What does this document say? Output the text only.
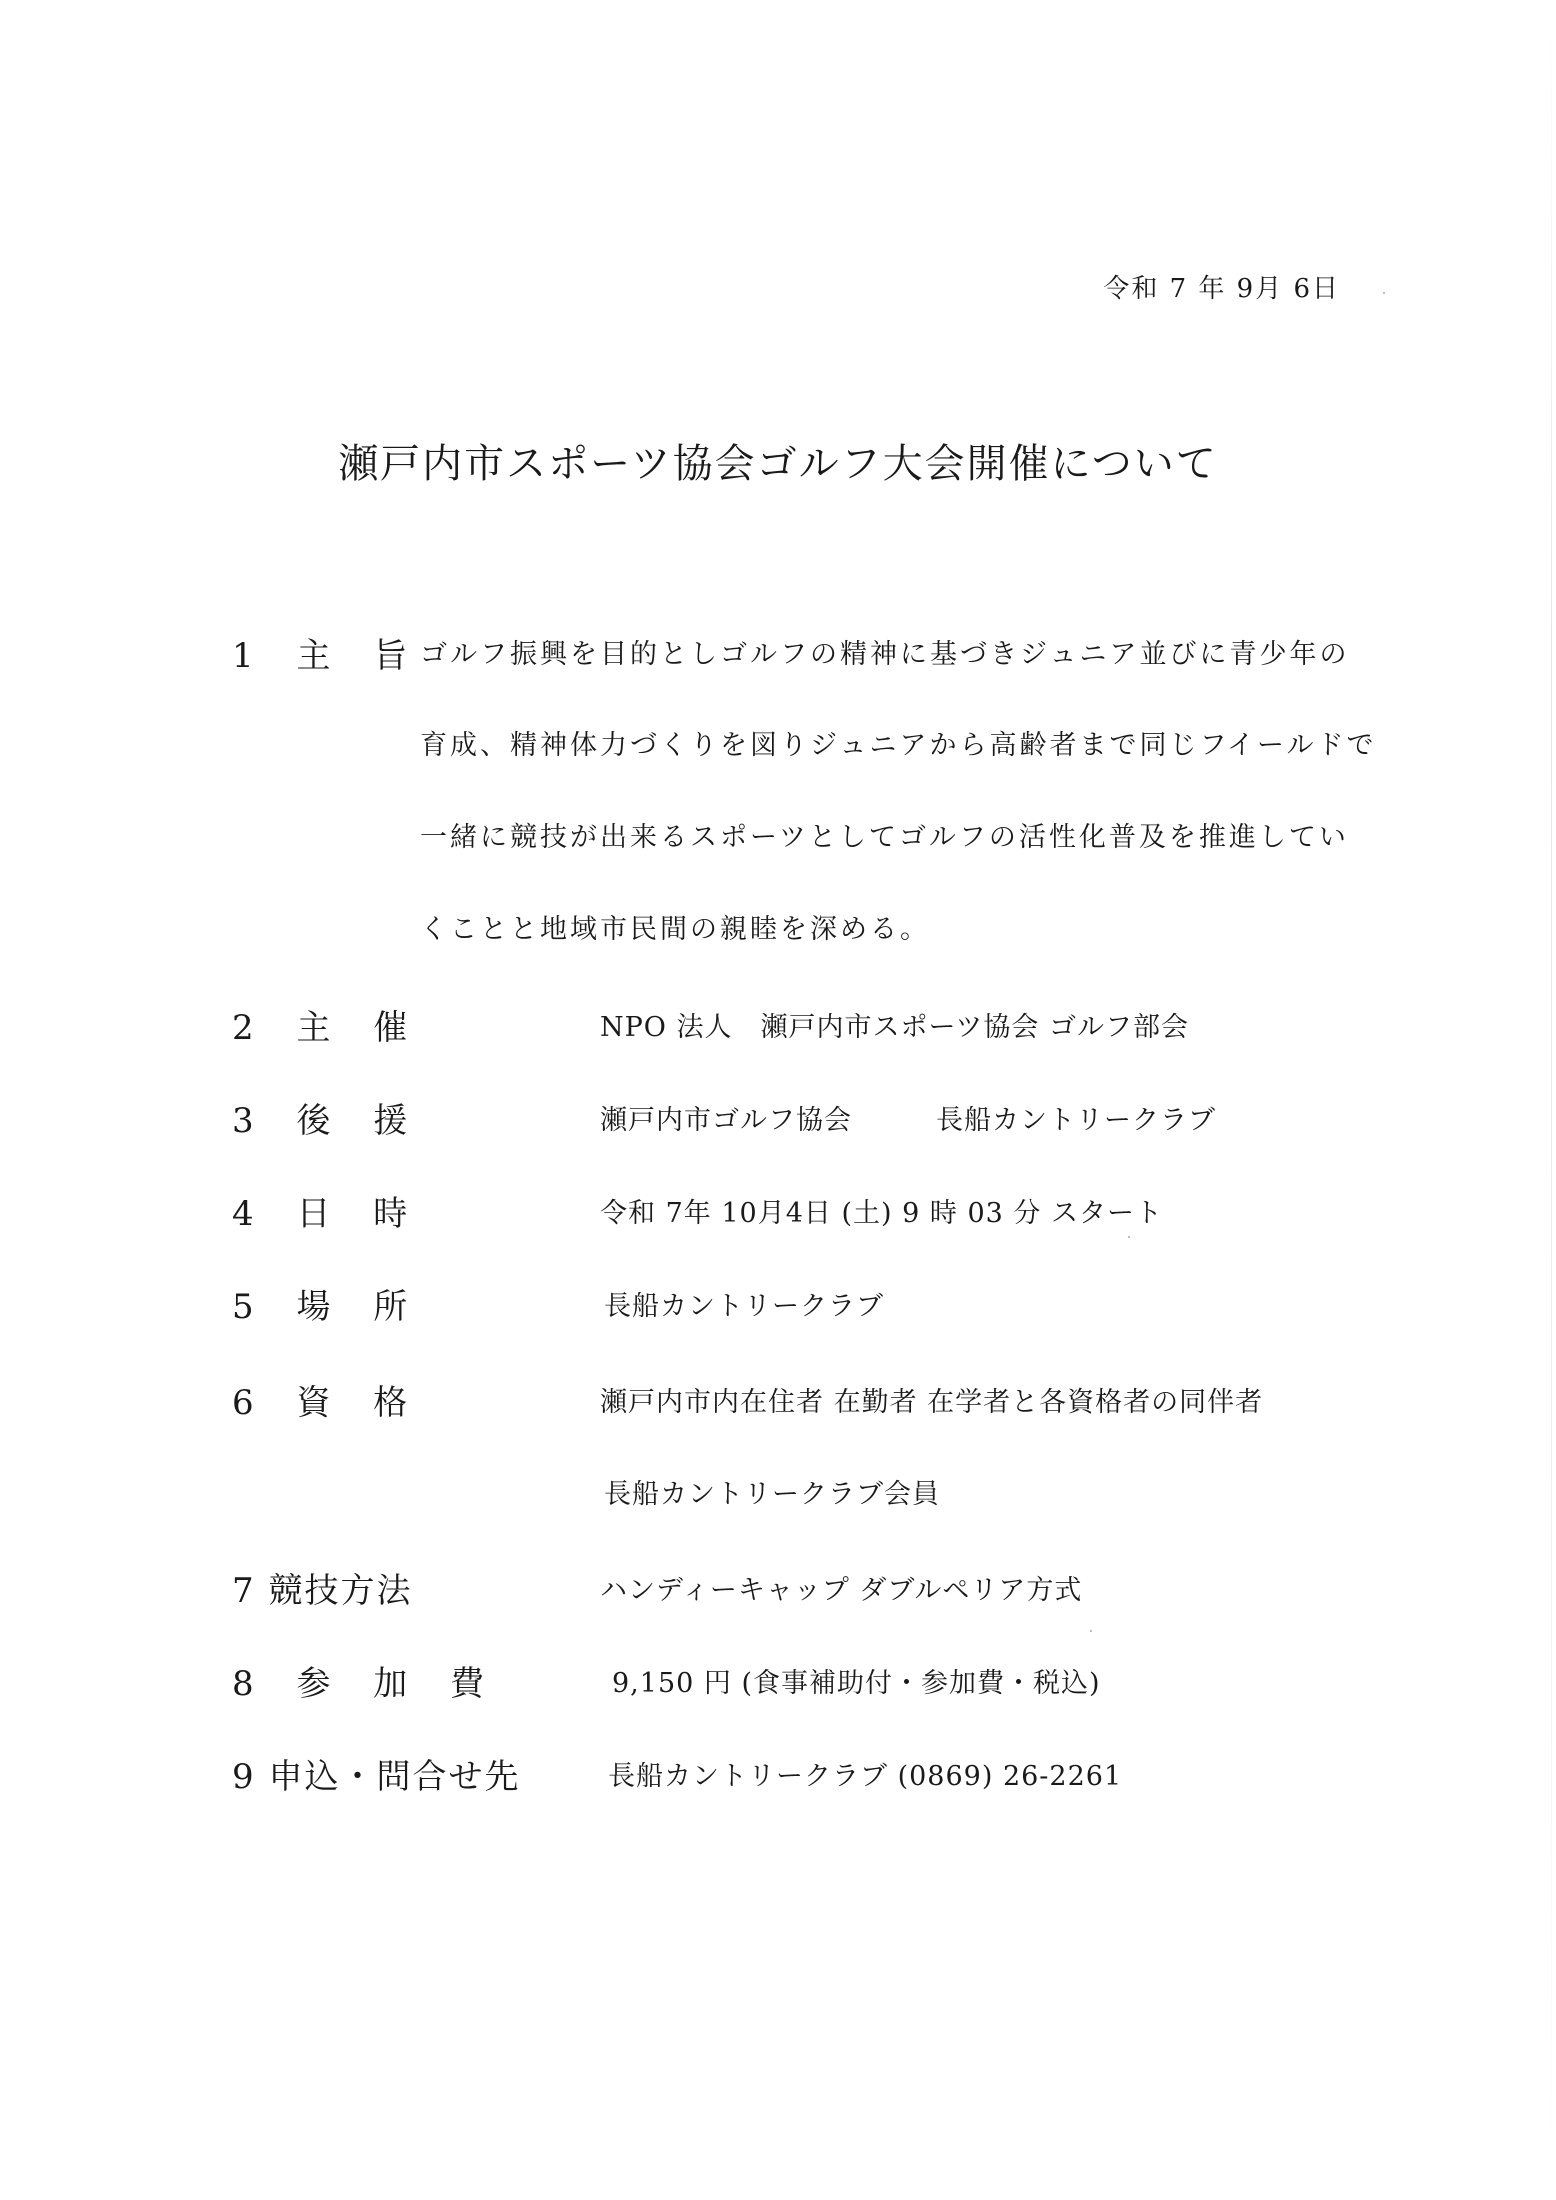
令和 7 年 9月 6日
瀬戸内市スポーツ協会ゴルフ大会開催について
1 主 旨
ゴルフ振興を目的としゴルフの精神に基づきジュニア並びに青少年の
育成、精神体力づくりを図りジュニアから高齢者まで同じフイールドで
一緒に競技が出来るスポーツとしてゴルフの活性化普及を推進してい
くことと地域市民間の親睦を深める。
2 主 催	NPO 法人　瀬戸内市スポーツ協会 ゴルフ部会
3 後 援	瀬戸内市ゴルフ協会　　　長船カントリークラブ
4 日 時	令和 7年 10月4日 (土) 9 時 03 分 スタート
5 場 所	長船カントリークラブ
6 資 格	瀬戸内市内在住者 在勤者 在学者と各資格者の同伴者
長船カントリークラブ会員
7 競技方法	ハンディーキャップ ダブルペリア方式
8 参 加 費	9,150 円 (食事補助付・参加費・税込)
9 申込・問合せ先	長船カントリークラブ (0869) 26-2261
